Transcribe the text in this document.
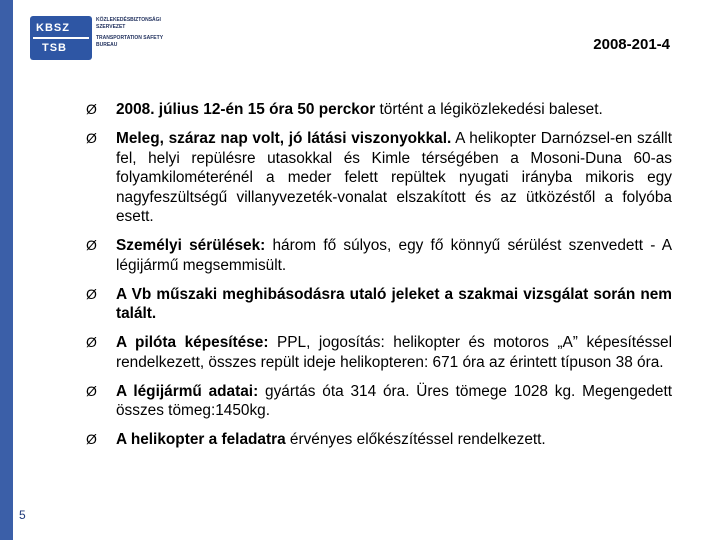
KBSZ
TSB
KÖZLEKEDÉSBIZTONSÁGI
SZERVEZET
TRANSPORTATION SAFETY
BUREAU	2008-201-4
Ø 2008. július 12-én 15 óra 50 perckor történt a légiközlekedési baleset.
Ø Meleg, száraz nap volt, jó látási viszonyokkal. A helikopter Darnózsel-en szállt fel, helyi repülésre utasokkal és Kimle térségében a Mosoni-Duna 60-as folyamkilométerénél a meder felett repültek nyugati irányba mikoris egy nagyfeszültségű villanyvezeték-vonalat elszakított és az ütközéstől a folyóba esett.
Ø Személyi sérülések: három fő súlyos, egy fő könnyű sérülést szenvedett - A légijármű megsemmisült.
Ø A Vb műszaki meghibásodásra utaló jeleket a szakmai vizsgálat során nem talált.
Ø A pilóta képesítése: PPL, jogosítás: helikopter és motoros „A” képesítéssel rendelkezett, összes repült ideje helikopteren: 671 óra az érintett típuson 38 óra.
Ø A légijármű adatai: gyártás óta 314 óra. Üres tömege 1028 kg. Megengedett összes tömeg:1450kg.
Ø A helikopter a feladatra érvényes előkészítéssel rendelkezett.
5
